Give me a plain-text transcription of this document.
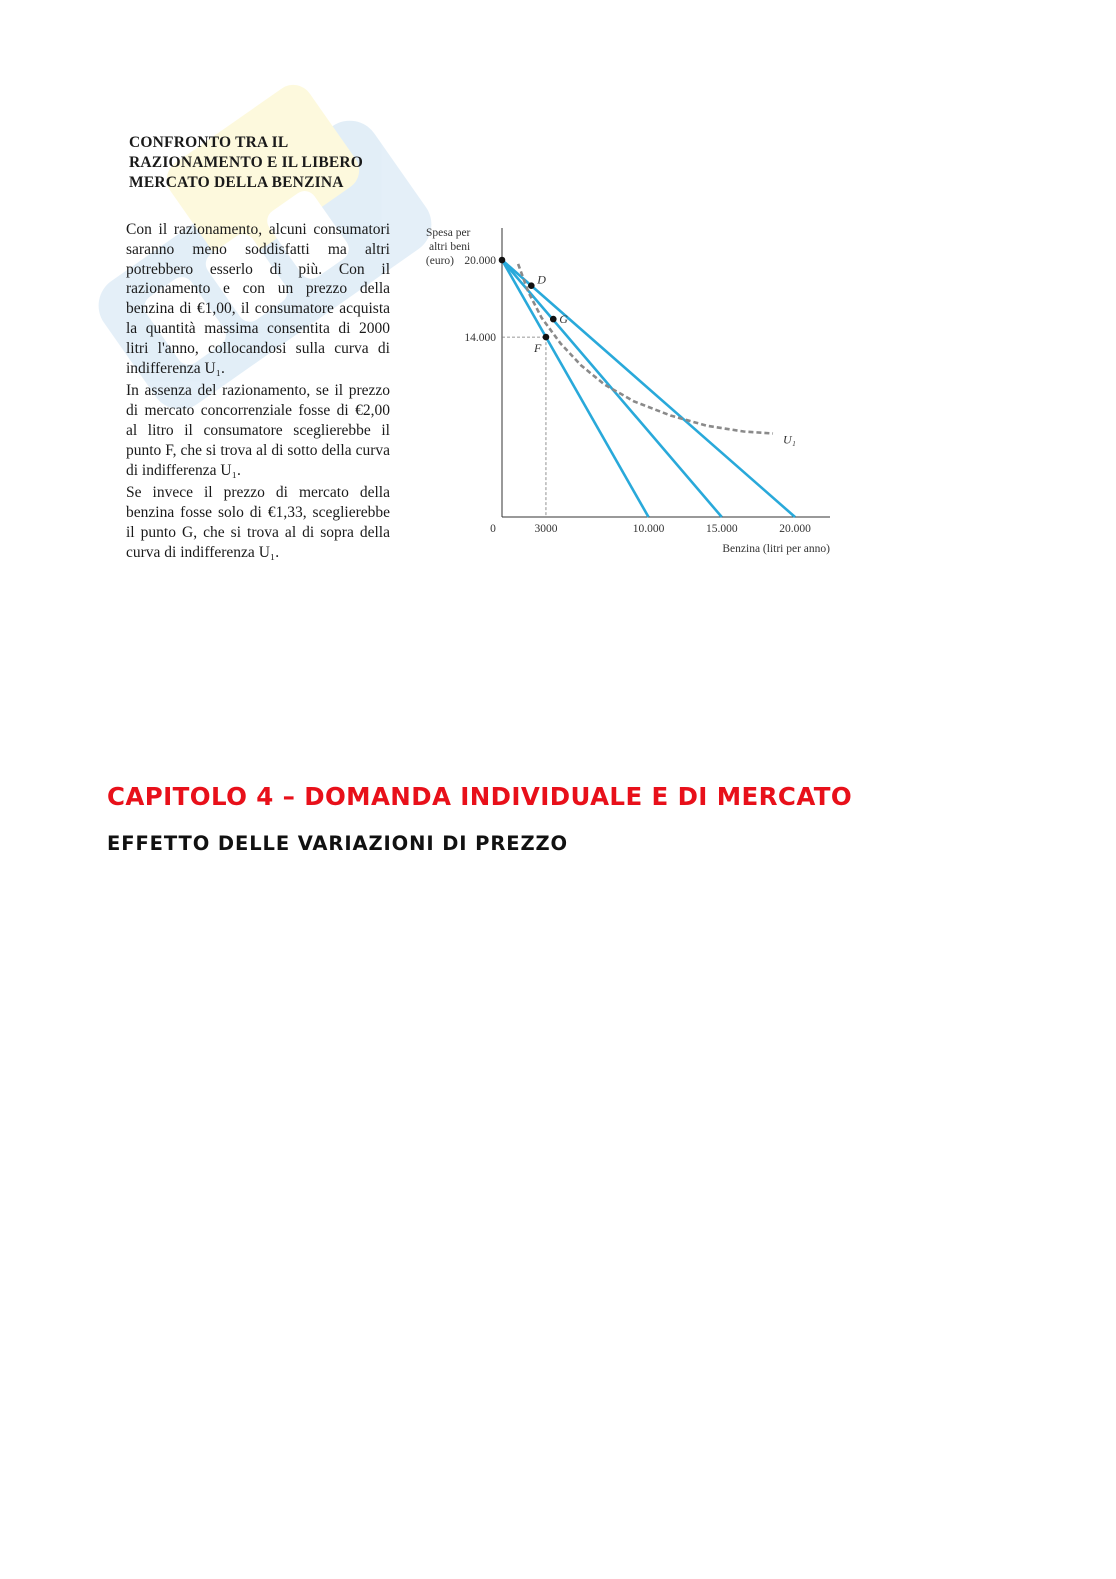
CONFRONTO TRA IL RAZIONAMENTO E IL LIBERO MERCATO DELLA BENZINA

Con il razionamento, alcuni consumatori saranno meno soddisfatti ma altri potrebbero esserlo di più. Con il razionamento e con un prezzo della benzina di €1,00, il consumatore acquista la quantità massima consentita di 2000 litri l'anno, collocandosi sulla curva di indifferenza U₁.

In assenza del razionamento, se il prezzo di mercato concorrenziale fosse di €2,00 al litro il consumatore sceglierebbe il punto F, che si trova al di sotto della curva di indifferenza U₁.

Se invece il prezzo di mercato della benzina fosse solo di €1,33, sceglierebbe il punto G, che si trova al di sopra della curva di indifferenza U₁.

Spesa per
altri beni
(euro) 20.000
14.000
0	3000	10.000	15.000	20.000
Benzina (litri per anno)
U₁
D
G
F
CAPITOLO 4 – DOMANDA INDIVIDUALE E DI MERCATO
EFFETTO DELLE VARIAZIONI DI PREZZO
